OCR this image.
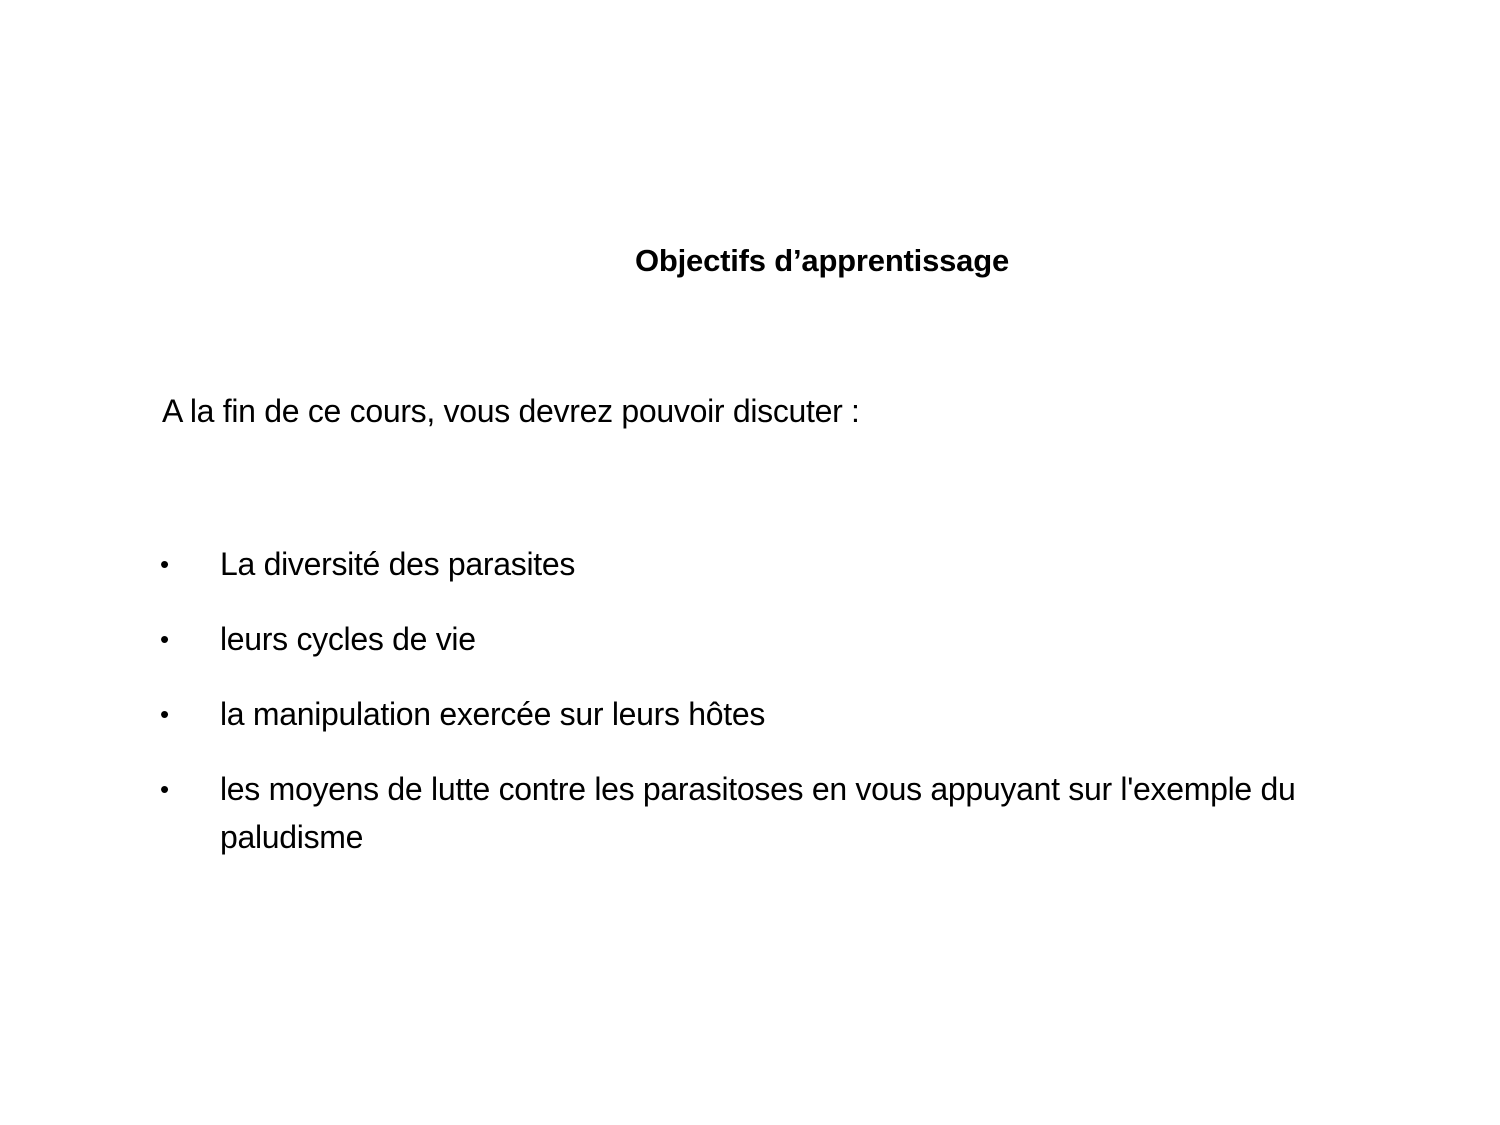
Objectifs d’apprentissage
A la fin de ce cours, vous devrez pouvoir discuter :
•	La diversité des parasites
•	leurs cycles de vie
•	la manipulation exercée sur leurs hôtes
•	les moyens de lutte contre les parasitoses en vous appuyant sur l'exemple du paludisme
